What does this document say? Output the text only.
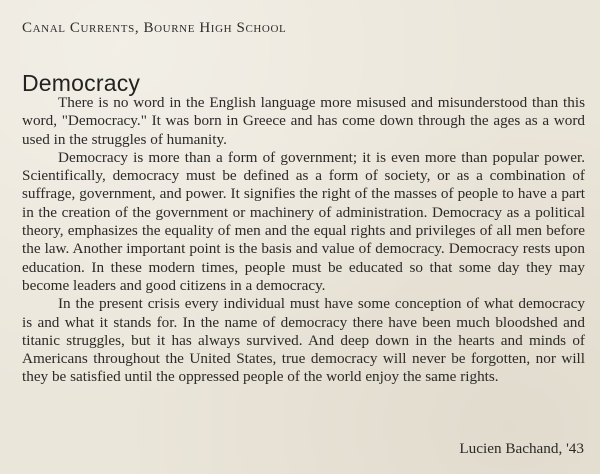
Canal Currents, Bourne High School
Democracy

There is no word in the English language more misused and misunderstood than this word, "Democracy." It was born in Greece and has come down through the ages as a word used in the struggles of humanity.

Democracy is more than a form of government; it is even more than popular power. Scientifically, democracy must be defined as a form of society, or as a combination of suffrage, government, and power. It signifies the right of the masses of people to have a part in the creation of the government or machinery of administration. Democracy as a political theory, emphasizes the equality of men and the equal rights and privileges of all men before the law. Another important point is the basis and value of democracy. Democracy rests upon education. In these modern times, people must be educated so that some day they may become leaders and good citizens in a democracy.

In the present crisis every individual must have some conception of what democracy is and what it stands for. In the name of democracy there have been much bloodshed and titanic struggles, but it has always survived. And deep down in the hearts and minds of Americans throughout the United States, true democracy will never be forgotten, nor will they be satisfied until the oppressed people of the world enjoy the same rights.

Lucien Bachand, '43
